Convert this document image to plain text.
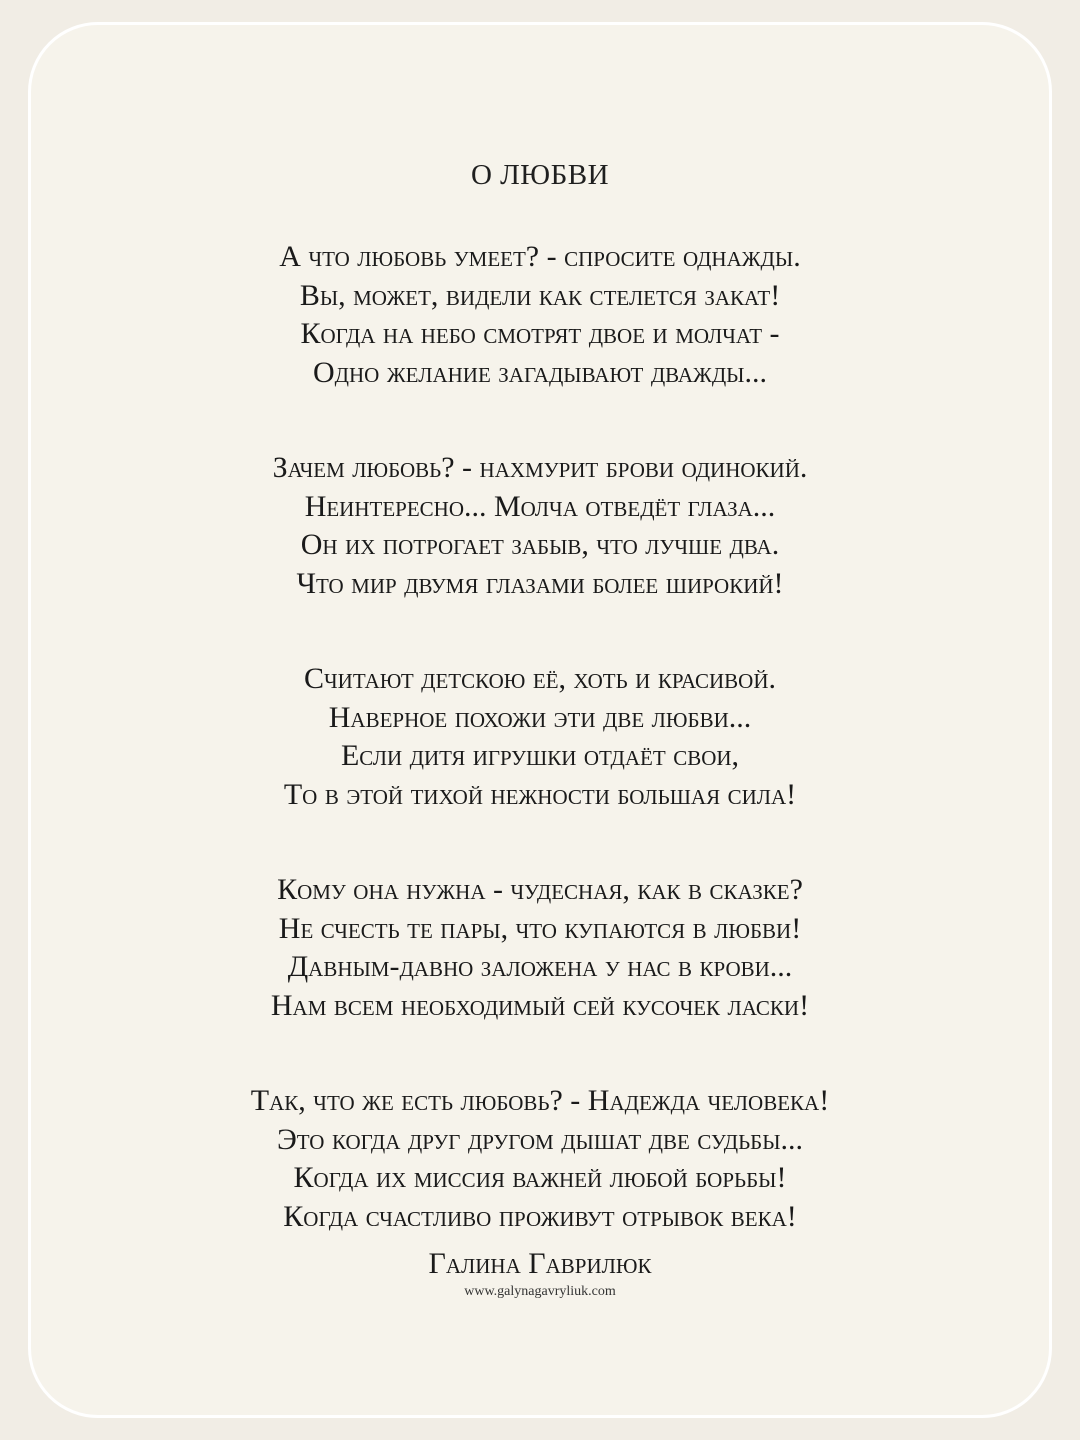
О ЛЮБВИ
А что любовь умеет? - спросите однажды.
Вы, может, видели как стелется закат!
Когда на небо смотрят двое и молчат -
Одно желание загадывают дважды...
Зачем любовь? - нахмурит брови одинокий.
Неинтересно... Молча отведёт глаза...
Он их потрогает забыв, что лучше два.
Что мир двумя глазами более широкий!
Считают детскою её, хоть и красивой.
Наверное похожи эти две любви...
Если дитя игрушки отдаёт свои,
То в этой тихой нежности большая сила!
Кому она нужна - чудесная, как в сказке?
Не счесть те пары, что купаются в любви!
Давным-давно заложена у нас в крови...
Нам всем необходимый сей кусочек ласки!
Так, что же есть любовь? - Надежда человека!
Это когда друг другом дышат две судьбы...
Когда их миссия важней любой борьбы!
Когда счастливо проживут отрывок века!
Галина Гаврилюк
www.galynagavryliuk.com
